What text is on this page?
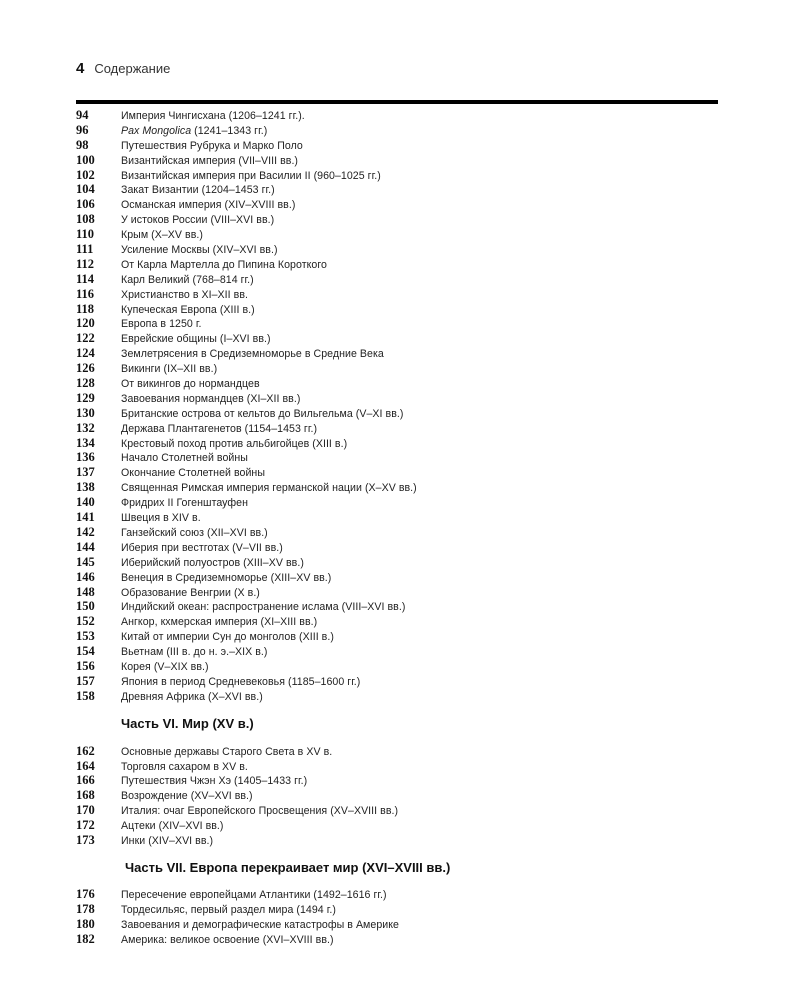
4 Содержание
94	Империя Чингисхана (1206–1241 гг.).
96	Pax Mongolica (1241–1343 гг.)
98	Путешествия Рубрука и Марко Поло
100	Византийская империя (VII–VIII вв.)
102	Византийская империя при Василии II (960–1025 гг.)
104	Закат Византии (1204–1453 гг.)
106	Османская империя (XIV–XVIII вв.)
108	У истоков России (VIII–XVI вв.)
110	Крым (X–XV вв.)
111	Усиление Москвы (XIV–XVI вв.)
112	От Карла Мартелла до Пипина Короткого
114	Карл Великий (768–814 гг.)
116	Христианство в XI–XII вв.
118	Купеческая Европа (XIII в.)
120	Европа в 1250 г.
122	Еврейские общины (I–XVI вв.)
124	Землетрясения в Средиземноморье в Средние Века
126	Викинги (IX–XII вв.)
128	От викингов до нормандцев
129	Завоевания нормандцев (XI–XII вв.)
130	Британские острова от кельтов до Вильгельма (V–XI вв.)
132	Держава Плантагенетов (1154–1453 гг.)
134	Крестовый поход против альбигойцев (XIII в.)
136	Начало Столетней войны
137	Окончание Столетней войны
138	Священная Римская империя германской нации (X–XV вв.)
140	Фридрих II Гогенштауфен
141	Швеция в XIV в.
142	Ганзейский союз (XII–XVI вв.)
144	Иберия при вестготах (V–VII вв.)
145	Иберийский полуостров (XIII–XV вв.)
146	Венеция в Средиземноморье (XIII–XV вв.)
148	Образование Венгрии (X в.)
150	Индийский океан: распространение ислама (VIII–XVI вв.)
152	Ангкор, кхмерская империя (XI–XIII вв.)
153	Китай от империи Сун до монголов (XIII в.)
154	Вьетнам (III в. до н. э.–XIX в.)
156	Корея (V–XIX вв.)
157	Япония в период Средневековья (1185–1600 гг.)
158	Древняя Африка (X–XVI вв.)
Часть VI. Мир (XV в.)
162	Основные державы Старого Света в XV в.
164	Торговля сахаром в XV в.
166	Путешествия Чжэн Хэ (1405–1433 гг.)
168	Возрождение (XV–XVI вв.)
170	Италия: очаг Европейского Просвещения (XV–XVIII вв.)
172	Ацтеки (XIV–XVI вв.)
173	Инки (XIV–XVI вв.)
Часть VII. Европа перекраивает мир (XVI–XVIII вв.)
176	Пересечение европейцами Атлантики (1492–1616 гг.)
178	Тордесильяс, первый раздел мира (1494 г.)
180	Завоевания и демографические катастрофы в Америке
182	Америка: великое освоение (XVI–XVIII вв.)
